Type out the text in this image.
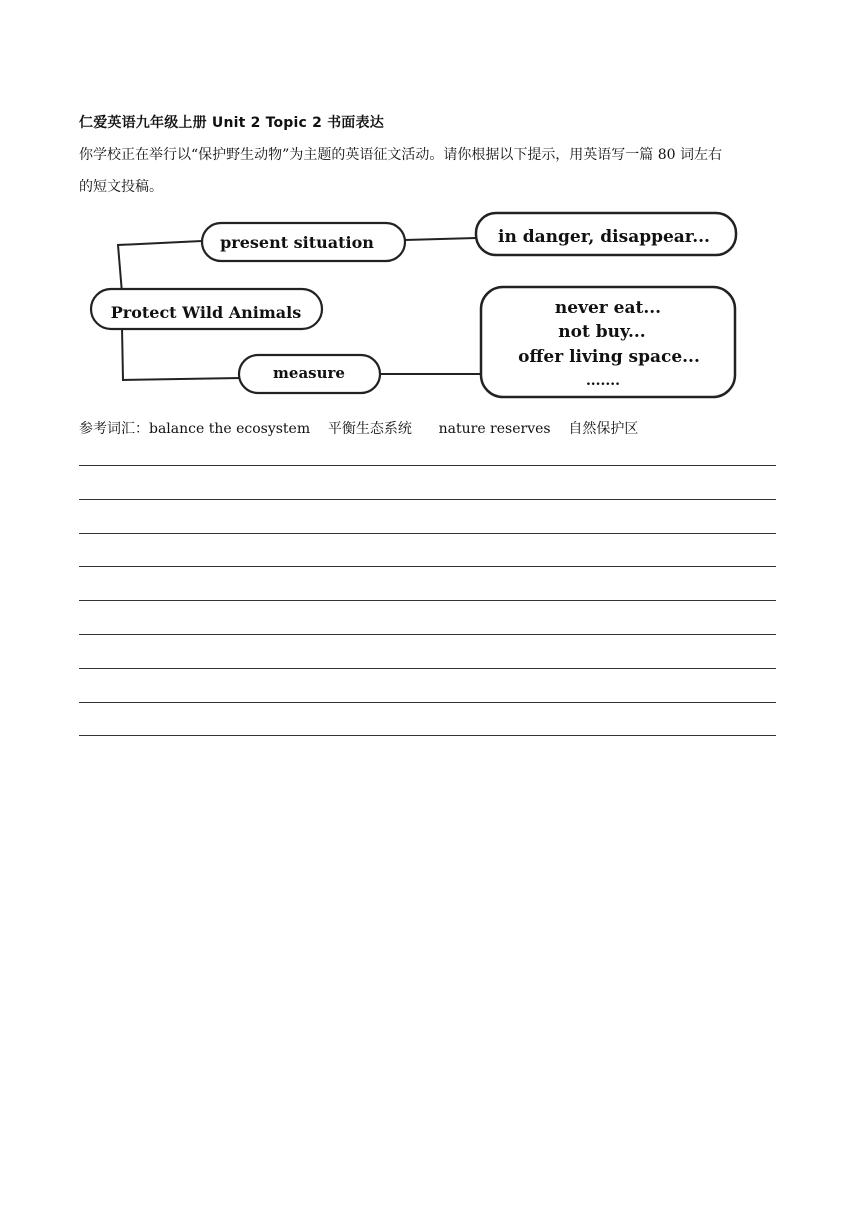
仁爱英语九年级上册 Unit 2 Topic 2 书面表达
你学校正在举行以“保护野生动物”为主题的英语征文活动。请你根据以下提示，用英语写一篇 80 词左右
的短文投稿。
present situation	in danger, disappear...
Protect Wild Animals
measure
never eat...
not buy...
offer living space...
.......
参考词汇：balance the ecosystem    平衡生态系统      nature reserves    自然保护区
